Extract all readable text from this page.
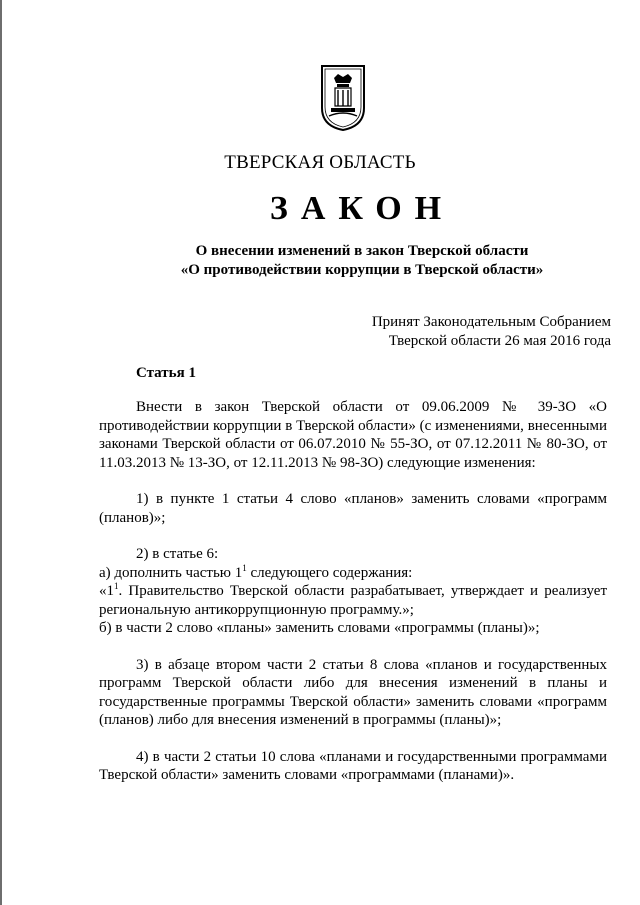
ТВЕРСКАЯ ОБЛАСТЬ
ЗАКОН
О внесении изменений в закон Тверской области
«О противодействии коррупции в Тверской области»
Принят Законодательным Собранием
Тверской области 26 мая 2016 года
Статья 1

Внести в закон Тверской области от 09.06.2009 № 39-ЗО «О противодействии коррупции в Тверской области» (с изменениями, внесенными законами Тверской области от 06.07.2010 № 55-ЗО, от 07.12.2011 № 80-ЗО, от 11.03.2013 № 13-ЗО, от 12.11.2013 № 98-ЗО) следующие изменения:

1) в пункте 1 статьи 4 слово «планов» заменить словами «программ (планов)»;

2) в статье 6:

а) дополнить частью $1^1$ следующего содержания:

«$1^1$. Правительство Тверской области разрабатывает, утверждает и реализует региональную антикоррупционную программу.»;

б) в части 2 слово «планы» заменить словами «программы (планы)»;

3) в абзаце втором части 2 статьи 8 слова «планов и государственных программ Тверской области либо для внесения изменений в планы и государственные программы Тверской области» заменить словами «программ (планов) либо для внесения изменений в программы (планы)»;

4) в части 2 статьи 10 слова «планами и государственными программами Тверской области» заменить словами «программами (планами)».
